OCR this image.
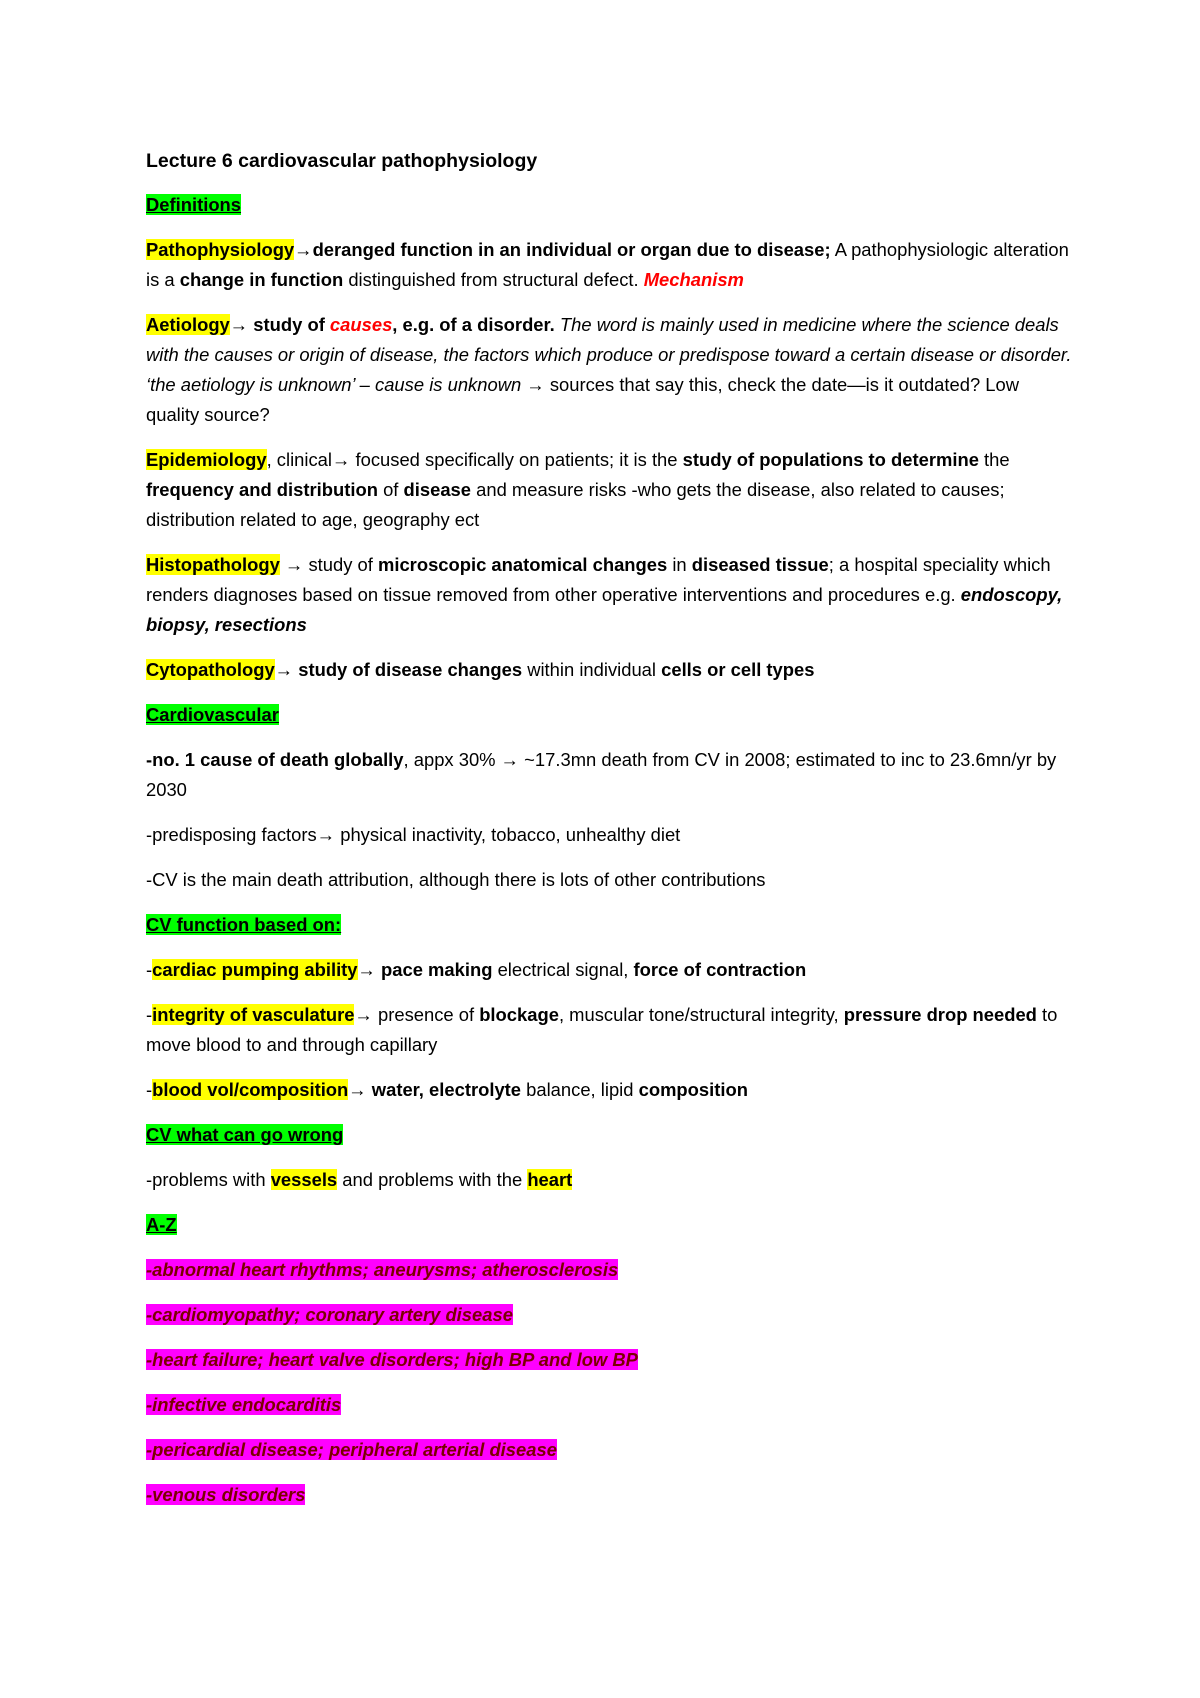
Lecture 6 cardiovascular pathophysiology

Definitions

Pathophysiology→deranged function in an individual or organ due to disease; A pathophysiologic alteration is a change in function distinguished from structural defect. Mechanism

Aetiology→ study of causes, e.g. of a disorder. The word is mainly used in medicine where the science deals with the causes or origin of disease, the factors which produce or predispose toward a certain disease or disorder. ‘the aetiology is unknown’ – cause is unknown → sources that say this, check the date—is it outdated? Low quality source?

Epidemiology, clinical→ focused specifically on patients; it is the study of populations to determine the frequency and distribution of disease and measure risks -who gets the disease, also related to causes; distribution related to age, geography ect

Histopathology → study of microscopic anatomical changes in diseased tissue; a hospital speciality which renders diagnoses based on tissue removed from other operative interventions and procedures e.g. endoscopy, biopsy, resections

Cytopathology→ study of disease changes within individual cells or cell types

Cardiovascular

-no. 1 cause of death globally, appx 30% → ~17.3mn death from CV in 2008; estimated to inc to 23.6mn/yr by 2030

-predisposing factors→ physical inactivity, tobacco, unhealthy diet

-CV is the main death attribution, although there is lots of other contributions

CV function based on:

-cardiac pumping ability→ pace making electrical signal, force of contraction

-integrity of vasculature→ presence of blockage, muscular tone/structural integrity, pressure drop needed to move blood to and through capillary

-blood vol/composition→ water, electrolyte balance, lipid composition

CV what can go wrong

-problems with vessels and problems with the heart

A-Z

-abnormal heart rhythms; aneurysms; atherosclerosis

-cardiomyopathy; coronary artery disease

-heart failure; heart valve disorders; high BP and low BP

-infective endocarditis

-pericardial disease; peripheral arterial disease

-venous disorders
